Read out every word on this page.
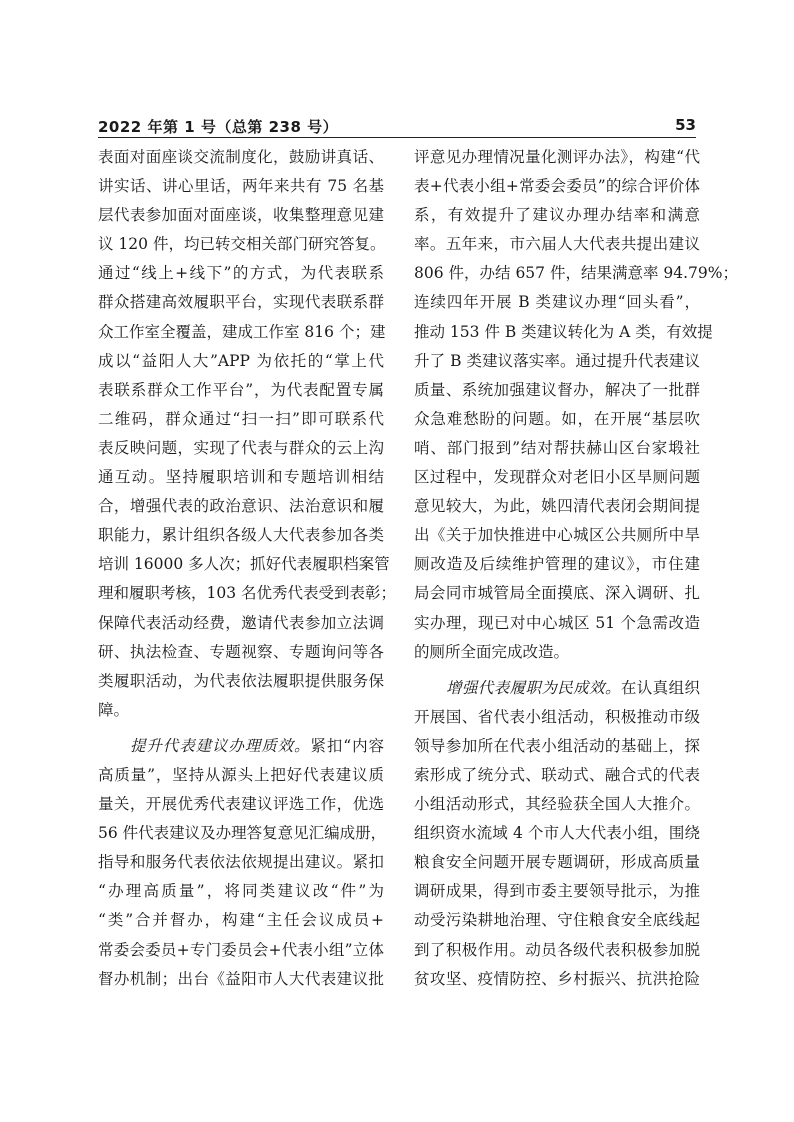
2022 年第 1 号（总第 238 号）	53
表面对面座谈交流制度化，鼓励讲真话、
讲实话、讲心里话，两年来共有 75 名基
层代表参加面对面座谈，收集整理意见建
议 120 件，均已转交相关部门研究答复。
通过“线上+线下”的方式，为代表联系
群众搭建高效履职平台，实现代表联系群
众工作室全覆盖，建成工作室 816 个；建
成以“益阳人大”APP 为依托的“掌上代
表联系群众工作平台”，为代表配置专属
二维码，群众通过“扫一扫”即可联系代
表反映问题，实现了代表与群众的云上沟
通互动。坚持履职培训和专题培训相结
合，增强代表的政治意识、法治意识和履
职能力，累计组织各级人大代表参加各类
培训 16000 多人次；抓好代表履职档案管
理和履职考核，103 名优秀代表受到表彰；
保障代表活动经费，邀请代表参加立法调
研、执法检查、专题视察、专题询问等各
类履职活动，为代表依法履职提供服务保
障。
提升代表建议办理质效。紧扣“内容
高质量”，坚持从源头上把好代表建议质
量关，开展优秀代表建议评选工作，优选
56 件代表建议及办理答复意见汇编成册，
指导和服务代表依法依规提出建议。紧扣
“办理高质量”，将同类建议改“件”为
“类”合并督办，构建“主任会议成员+
常委会委员+专门委员会+代表小组”立体
督办机制；出台《益阳市人大代表建议批
评意见办理情况量化测评办法》，构建“代
表+代表小组+常委会委员”的综合评价体
系，有效提升了建议办理办结率和满意
率。五年来，市六届人大代表共提出建议
806 件，办结 657 件，结果满意率 94.79%；
连续四年开展 B 类建议办理“回头看”，
推动 153 件 B 类建议转化为 A 类，有效提
升了 B 类建议落实率。通过提升代表建议
质量、系统加强建议督办，解决了一批群
众急难愁盼的问题。如，在开展“基层吹
哨、部门报到”结对帮扶赫山区台家塅社
区过程中，发现群众对老旧小区旱厕问题
意见较大，为此，姚四清代表闭会期间提
出《关于加快推进中心城区公共厕所中旱
厕改造及后续维护管理的建议》，市住建
局会同市城管局全面摸底、深入调研、扎
实办理，现已对中心城区 51 个急需改造
的厕所全面完成改造。
增强代表履职为民成效。在认真组织
开展国、省代表小组活动，积极推动市级
领导参加所在代表小组活动的基础上，探
索形成了统分式、联动式、融合式的代表
小组活动形式，其经验获全国人大推介。
组织资水流域 4 个市人大代表小组，围绕
粮食安全问题开展专题调研，形成高质量
调研成果，得到市委主要领导批示，为推
动受污染耕地治理、守住粮食安全底线起
到了积极作用。动员各级代表积极参加脱
贫攻坚、疫情防控、乡村振兴、抗洪抢险
